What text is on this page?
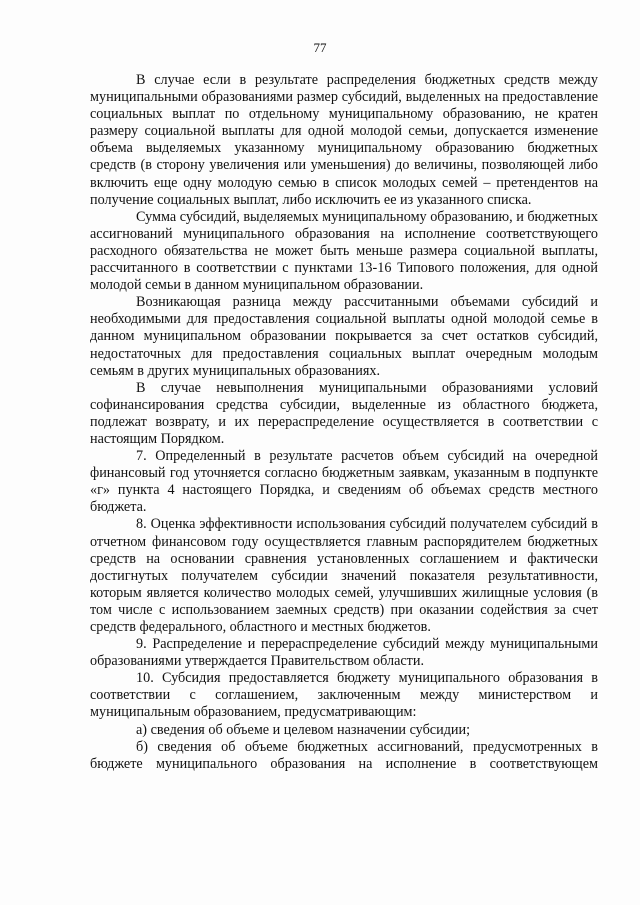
77

В случае если в результате распределения бюджетных средств между муниципальными образованиями размер субсидий, выделенных на предоставление социальных выплат по отдельному муниципальному образованию, не кратен размеру социальной выплаты для одной молодой семьи, допускается изменение объема выделяемых указанному муниципальному образованию бюджетных средств (в сторону увеличения или уменьшения) до величины, позволяющей либо включить еще одну молодую семью в список молодых семей – претендентов на получение социальных выплат, либо исключить ее из указанного списка.

Сумма субсидий, выделяемых муниципальному образованию, и бюджетных ассигнований муниципального образования на исполнение соответствующего расходного обязательства не может быть меньше размера социальной выплаты, рассчитанного в соответствии с пунктами 13-16 Типового положения, для одной молодой семьи в данном муниципальном образовании.

Возникающая разница между рассчитанными объемами субсидий и необходимыми для предоставления социальной выплаты одной молодой семье в данном муниципальном образовании покрывается за счет остатков субсидий, недостаточных для предоставления социальных выплат очередным молодым семьям в других муниципальных образованиях.

В случае невыполнения муниципальными образованиями условий софинансирования средства субсидии, выделенные из областного бюджета, подлежат возврату, и их перераспределение осуществляется в соответствии с настоящим Порядком.

7. Определенный в результате расчетов объем субсидий на очередной финансовый год уточняется согласно бюджетным заявкам, указанным в подпункте «г» пункта 4 настоящего Порядка, и сведениям об объемах средств местного бюджета.

8. Оценка эффективности использования субсидий получателем субсидий в отчетном финансовом году осуществляется главным распорядителем бюджетных средств на основании сравнения установленных соглашением и фактически достигнутых получателем субсидии значений показателя результативности, которым является количество молодых семей, улучшивших жилищные условия (в том числе с использованием заемных средств) при оказании содействия за счет средств федерального, областного и местных бюджетов.

9. Распределение и перераспределение субсидий между муниципальными образованиями утверждается Правительством области.

10. Субсидия предоставляется бюджету муниципального образования в соответствии с соглашением, заключенным между министерством и муниципальным образованием, предусматривающим:

а) сведения об объеме и целевом назначении субсидии;

б) сведения об объеме бюджетных ассигнований, предусмотренных в бюджете муниципального образования на исполнение в соответствующем
